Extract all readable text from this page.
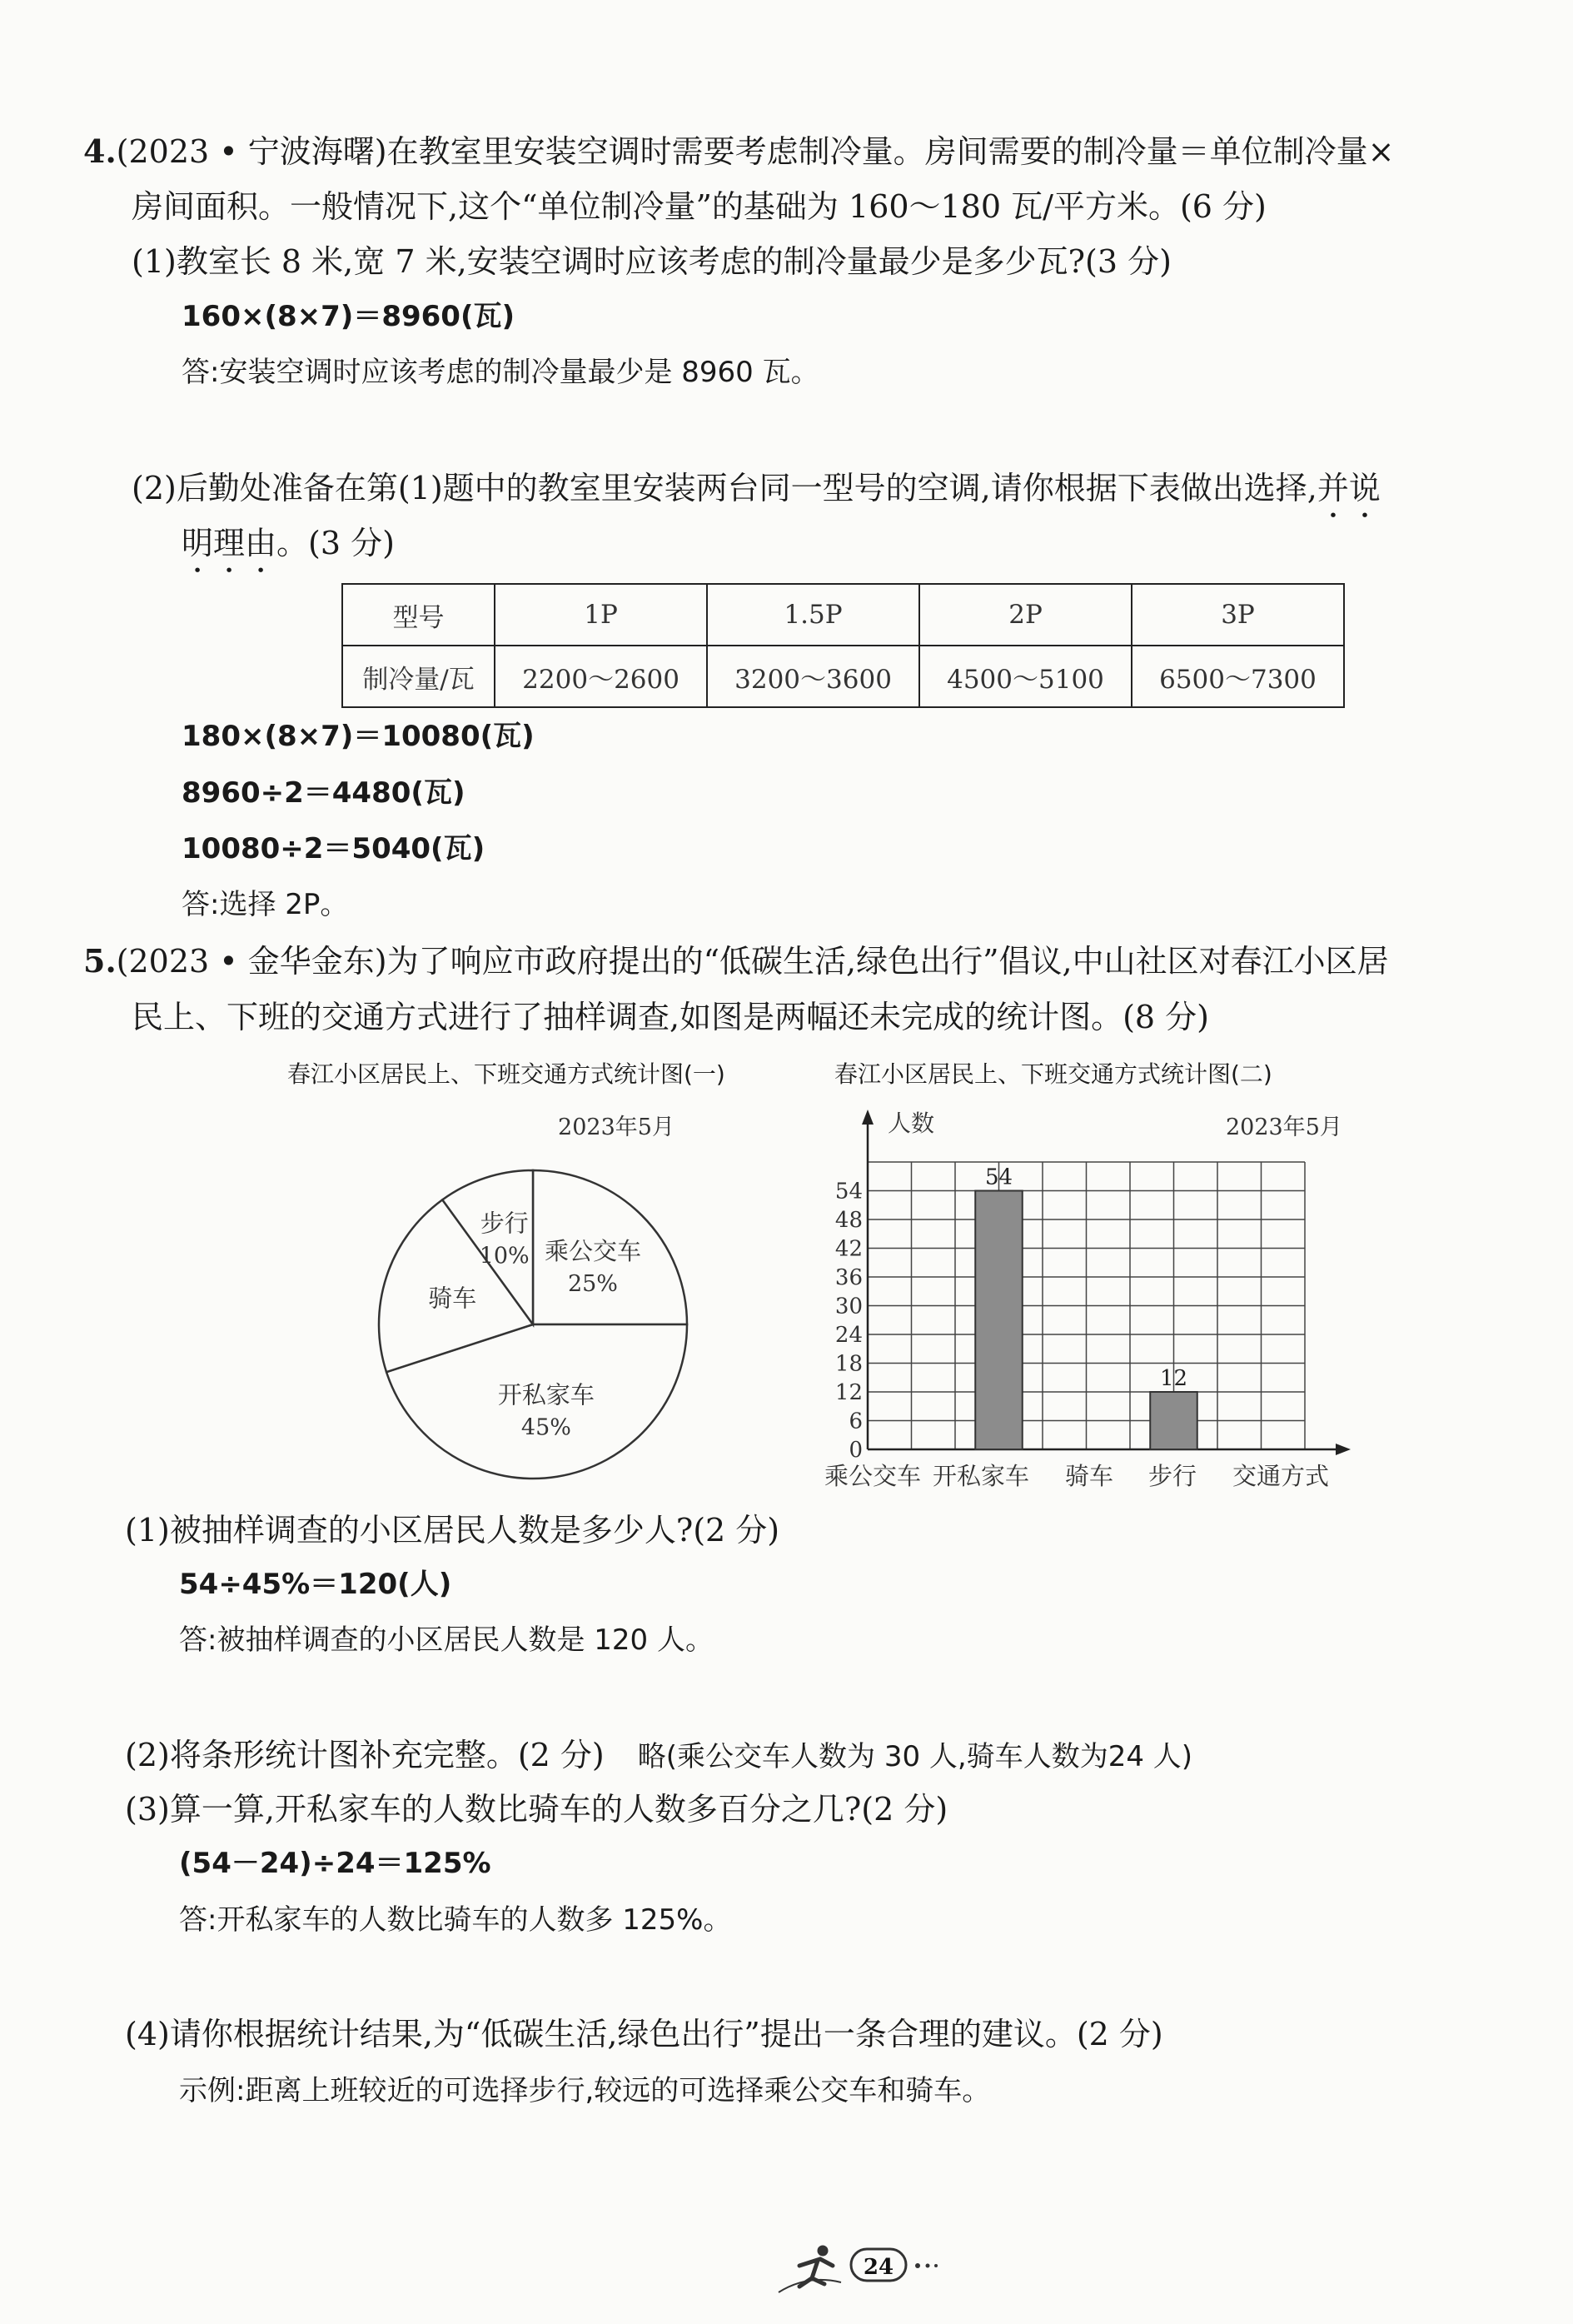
4.(2023 • 宁波海曙)在教室里安装空调时需要考虑制冷量。房间需要的制冷量＝单位制冷量×
房间面积。一般情况下,这个“单位制冷量”的基础为 160～180 瓦/平方米。(6 分)
(1)教室长 8 米,宽 7 米,安装空调时应该考虑的制冷量最少是多少瓦?(3 分)
160×(8×7)＝8960(瓦)
答:安装空调时应该考虑的制冷量最少是 8960 瓦。
(2)后勤处准备在第(1)题中的教室里安装两台同一型号的空调,请你根据下表做出选择,并说
明理由。(3 分)
型号	1P	1.5P	2P	3P
制冷量/瓦	2200～2600	3200～3600	4500～5100	6500～7300
180×(8×7)＝10080(瓦)
8960÷2＝4480(瓦)
10080÷2＝5040(瓦)
答:选择 2P。
5.(2023 • 金华金东)为了响应市政府提出的“低碳生活,绿色出行”倡议,中山社区对春江小区居
民上、下班的交通方式进行了抽样调查,如图是两幅还未完成的统计图。(8 分)
春江小区居民上、下班交通方式统计图(一)	春江小区居民上、下班交通方式统计图(二)
2023年5月
乘公交车
25%
开私家车
45%
骑车
步行
10%
人数	2023年5月
0
6
12
18
24
30
36
42
48
54
54
12
乘公交车 开私家车 骑车 步行 交通方式
(1)被抽样调查的小区居民人数是多少人?(2 分)
54÷45%＝120(人)
答:被抽样调查的小区居民人数是 120 人。
(2)将条形统计图补充完整。(2 分) 略(乘公交车人数为 30 人,骑车人数为24 人)
(3)算一算,开私家车的人数比骑车的人数多百分之几?(2 分)
(54－24)÷24＝125%
答:开私家车的人数比骑车的人数多 125%。
(4)请你根据统计结果,为“低碳生活,绿色出行”提出一条合理的建议。(2 分)
示例:距离上班较近的可选择步行,较远的可选择乘公交车和骑车。
24
